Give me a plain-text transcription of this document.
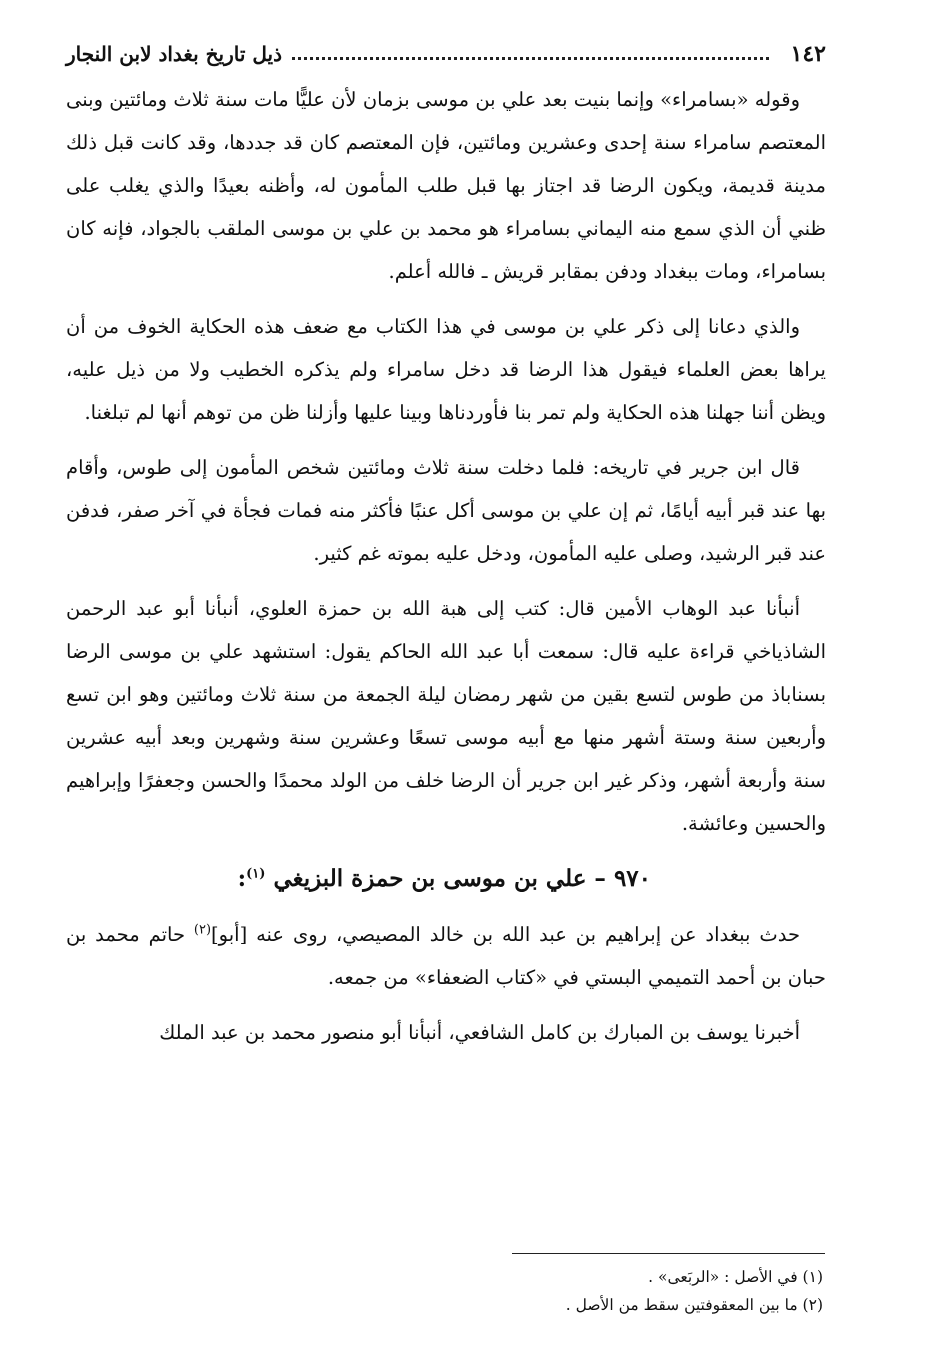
١٤٢
ذيل تاريخ بغداد لابن النجار

وقوله «بسامراء» وإنما بنيت بعد علي بن موسى بزمان لأن عليًّا مات سنة ثلاث ومائتين وبنى المعتصم سامراء سنة إحدى وعشرين ومائتين، فإن المعتصم كان قد جددها، وقد كانت قبل ذلك مدينة قديمة، ويكون الرضا قد اجتاز بها قبل طلب المأمون له، وأظنه بعيدًا والذي يغلب على ظني أن الذي سمع منه اليماني بسامراء هو محمد بن علي بن موسى الملقب بالجواد، فإنه كان بسامراء، ومات ببغداد ودفن بمقابر قريش ـ فالله أعلم.

والذي دعانا إلى ذكر علي بن موسى في هذا الكتاب مع ضعف هذه الحكاية الخوف من أن يراها بعض العلماء فيقول هذا الرضا قد دخل سامراء ولم يذكره الخطيب ولا من ذيل عليه، ويظن أننا جهلنا هذه الحكاية ولم تمر بنا فأوردناها وبينا عليها وأزلنا ظن من توهم أنها لم تبلغنا.

قال ابن جرير في تاريخه: فلما دخلت سنة ثلاث ومائتين شخص المأمون إلى طوس، وأقام بها عند قبر أبيه أيامًا، ثم إن علي بن موسى أكل عنبًا فأكثر منه فمات فجأة في آخر صفر، فدفن عند قبر الرشيد، وصلى عليه المأمون، ودخل عليه بموته غم كثير.

أنبأنا عبد الوهاب الأمين قال: كتب إلى هبة الله بن حمزة العلوي، أنبأنا أبو عبد الرحمن الشاذياخي قراءة عليه قال: سمعت أبا عبد الله الحاكم يقول: استشهد علي بن موسى الرضا بسناباذ من طوس لتسع بقين من شهر رمضان ليلة الجمعة من سنة ثلاث ومائتين وهو ابن تسع وأربعين سنة وستة أشهر منها مع أبيه موسى تسعًا وعشرين سنة وشهرين وبعد أبيه عشرين سنة وأربعة أشهر، وذكر غير ابن جرير أن الرضا خلف من الولد محمدًا والحسن وجعفرًا وإبراهيم والحسين وعائشة.

٩٧٠ – علي بن موسى بن حمزة البزيغي $^{(١)}$:

حدث ببغداد عن إبراهيم بن عبد الله بن خالد المصيصي، روى عنه [أبو]$^{(٢)}$ حاتم محمد بن حبان بن أحمد التميمي البستي في «كتاب الضعفاء» من جمعه.

أخبرنا يوسف بن المبارك بن كامل الشافعي، أنبأنا أبو منصور محمد بن عبد الملك

(١) في الأصل : «الربَعى» .

(٢) ما بين المعقوفتين سقط من الأصل .
